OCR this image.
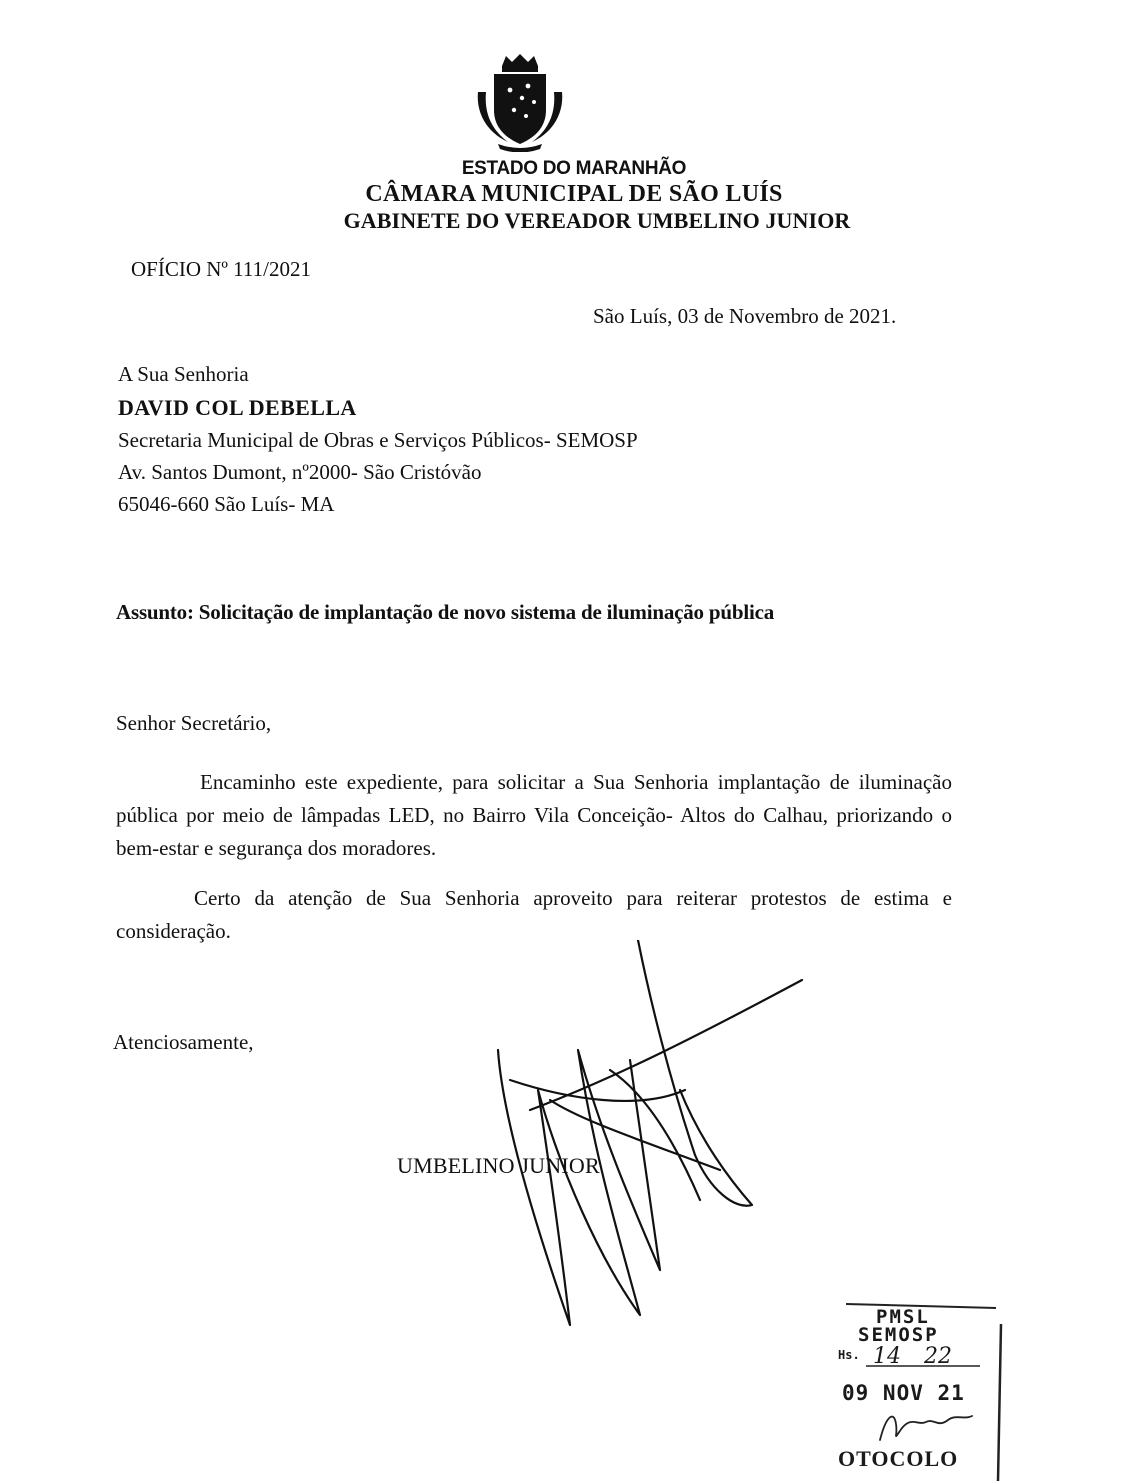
ESTADO DO MARANHÃO
CÂMARA MUNICIPAL DE SÃO LUÍS
GABINETE DO VEREADOR UMBELINO JUNIOR
OFÍCIO Nº 111/2021
São Luís, 03 de Novembro de 2021.
A Sua Senhoria
DAVID COL DEBELLA
Secretaria Municipal de Obras e Serviços Públicos- SEMOSP
Av. Santos Dumont, nº2000- São Cristóvão
65046-660 São Luís- MA
Assunto: Solicitação de implantação de novo sistema de iluminação pública
Senhor Secretário,
Encaminho este expediente, para solicitar a Sua Senhoria implantação de iluminação pública por meio de lâmpadas LED, no Bairro Vila Conceição- Altos do Calhau, priorizando o bem-estar e segurança dos moradores.
Certo da atenção de Sua Senhoria aproveito para reiterar protestos de estima e consideração.
Atenciosamente,
UMBELINO JUNIOR
PMSL
SEMOSP
Hs. 14 22
09 NOV 21
OTOCOLO
